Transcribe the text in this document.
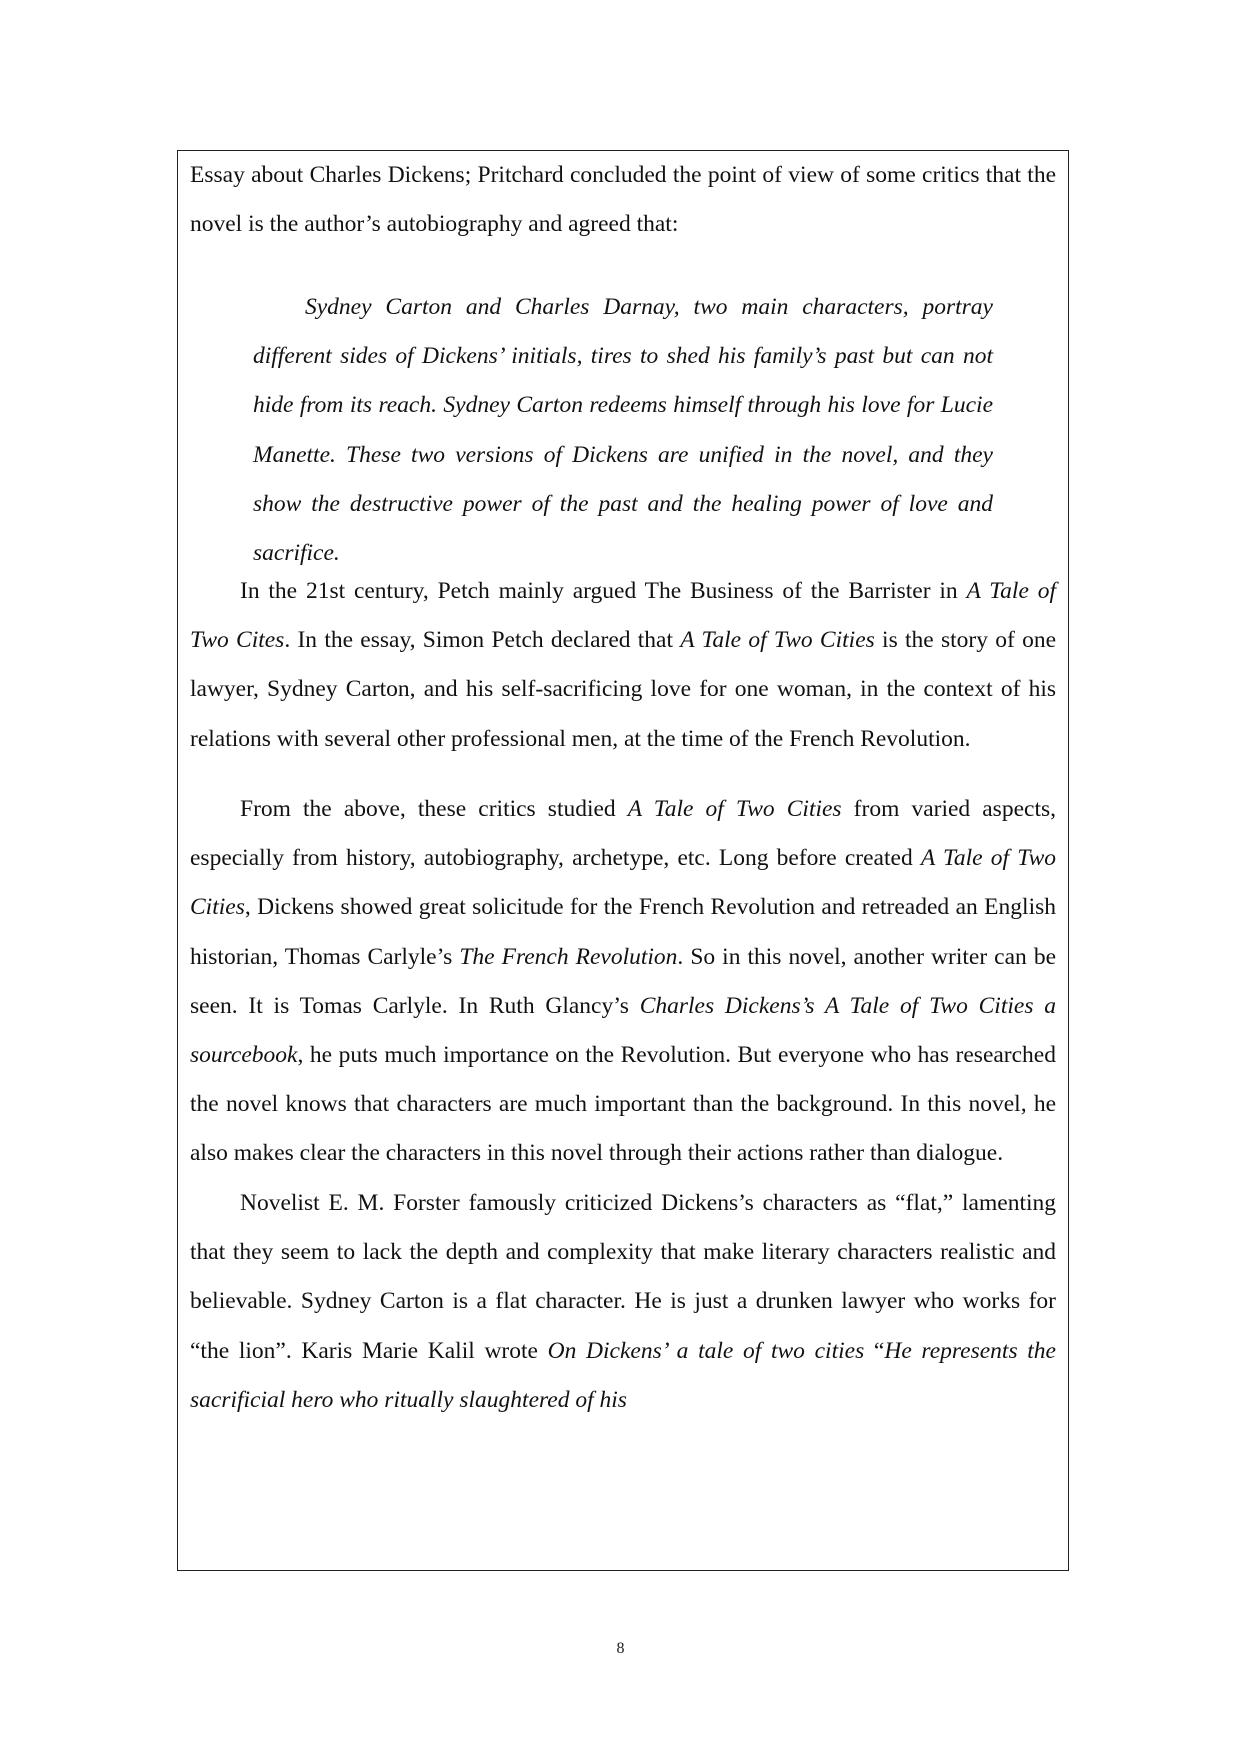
Essay about Charles Dickens; Pritchard concluded the point of view of some critics that the novel is the author’s autobiography and agreed that:

Sydney Carton and Charles Darnay, two main characters, portray different sides of Dickens’ initials, tires to shed his family’s past but can not hide from its reach. Sydney Carton redeems himself through his love for Lucie Manette. These two versions of Dickens are unified in the novel, and they show the destructive power of the past and the healing power of love and sacrifice.

In the 21st century, Petch mainly argued The Business of the Barrister in A Tale of Two Cites. In the essay, Simon Petch declared that A Tale of Two Cities is the story of one lawyer, Sydney Carton, and his self-sacrificing love for one woman, in the context of his relations with several other professional men, at the time of the French Revolution.

From the above, these critics studied A Tale of Two Cities from varied aspects, especially from history, autobiography, archetype, etc. Long before created A Tale of Two Cities, Dickens showed great solicitude for the French Revolution and retreaded an English historian, Thomas Carlyle’s The French Revolution. So in this novel, another writer can be seen. It is Tomas Carlyle. In Ruth Glancy’s Charles Dickens’s A Tale of Two Cities a sourcebook, he puts much importance on the Revolution. But everyone who has researched the novel knows that characters are much important than the background. In this novel, he also makes clear the characters in this novel through their actions rather than dialogue.

Novelist E. M. Forster famously criticized Dickens’s characters as “flat,” lamenting that they seem to lack the depth and complexity that make literary characters realistic and believable. Sydney Carton is a flat character. He is just a drunken lawyer who works for “the lion”. Karis Marie Kalil wrote On Dickens’ a tale of two cities “He represents the sacrificial hero who ritually slaughtered of his

8
